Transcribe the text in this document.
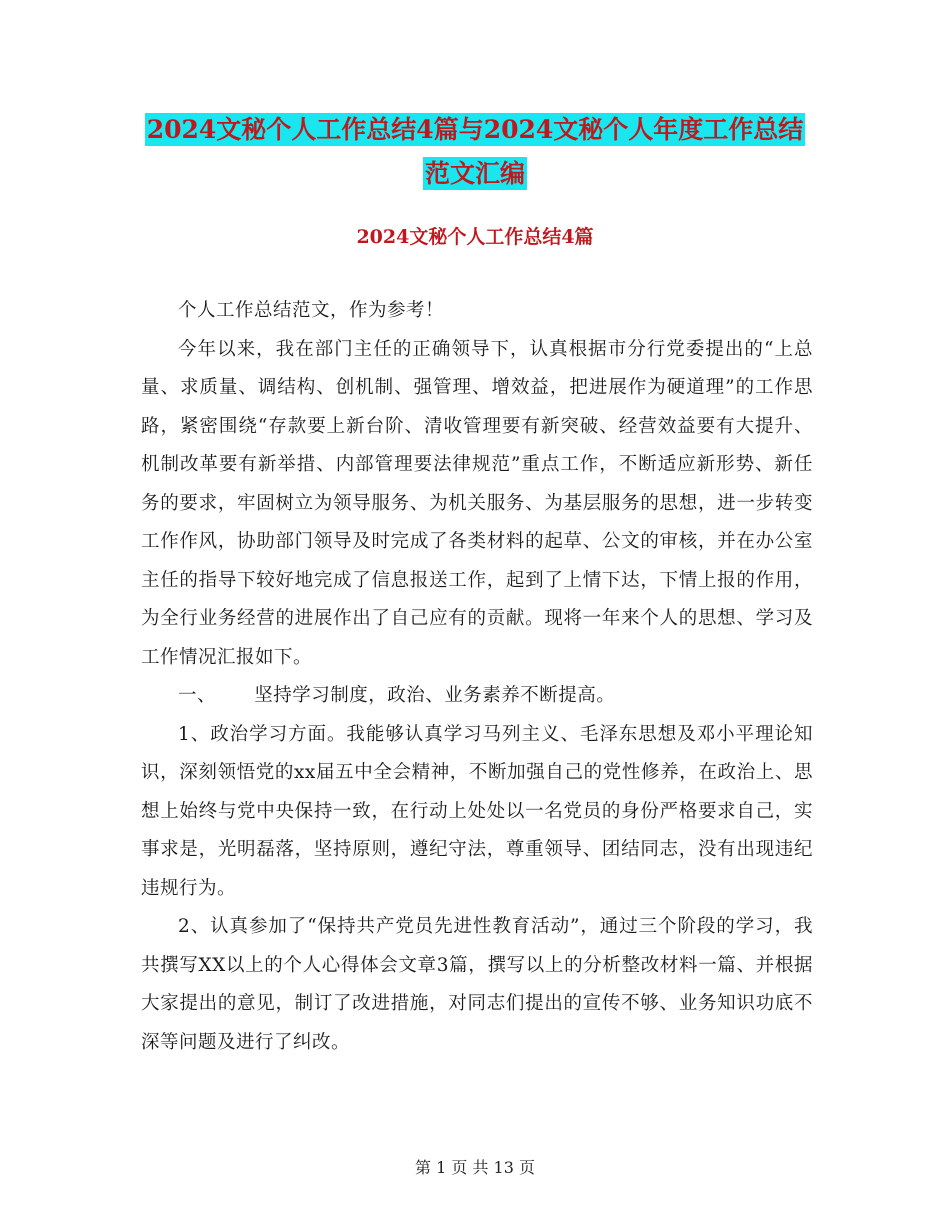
2024文秘个人工作总结4篇与2024文秘个人年度工作总结范文汇编
2024文秘个人工作总结4篇

个人工作总结范文，作为参考！

今年以来，我在部门主任的正确领导下，认真根据市分行党委提出的“上总量、求质量、调结构、创机制、强管理、增效益，把进展作为硬道理”的工作思路，紧密围绕“存款要上新台阶、清收管理要有新突破、经营效益要有大提升、机制改革要有新举措、内部管理要法律规范”重点工作，不断适应新形势、新任务的要求，牢固树立为领导服务、为机关服务、为基层服务的思想，进一步转变工作作风，协助部门领导及时完成了各类材料的起草、公文的审核，并在办公室主任的指导下较好地完成了信息报送工作，起到了上情下达，下情上报的作用，为全行业务经营的进展作出了自己应有的贡献。现将一年来个人的思想、学习及工作情况汇报如下。

一、      坚持学习制度，政治、业务素养不断提高。

1、政治学习方面。我能够认真学习马列主义、毛泽东思想及邓小平理论知识，深刻领悟党的xx届五中全会精神，不断加强自己的党性修养，在政治上、思想上始终与党中央保持一致，在行动上处处以一名党员的身份严格要求自己，实事求是，光明磊落，坚持原则，遵纪守法，尊重领导、团结同志，没有出现违纪违规行为。

2、认真参加了“保持共产党员先进性教育活动”，通过三个阶段的学习，我共撰写XX以上的个人心得体会文章3篇，撰写以上的分析整改材料一篇、并根据大家提出的意见，制订了改进措施，对同志们提出的宣传不够、业务知识功底不深等问题及进行了纠改。

第 1 页 共 13 页
